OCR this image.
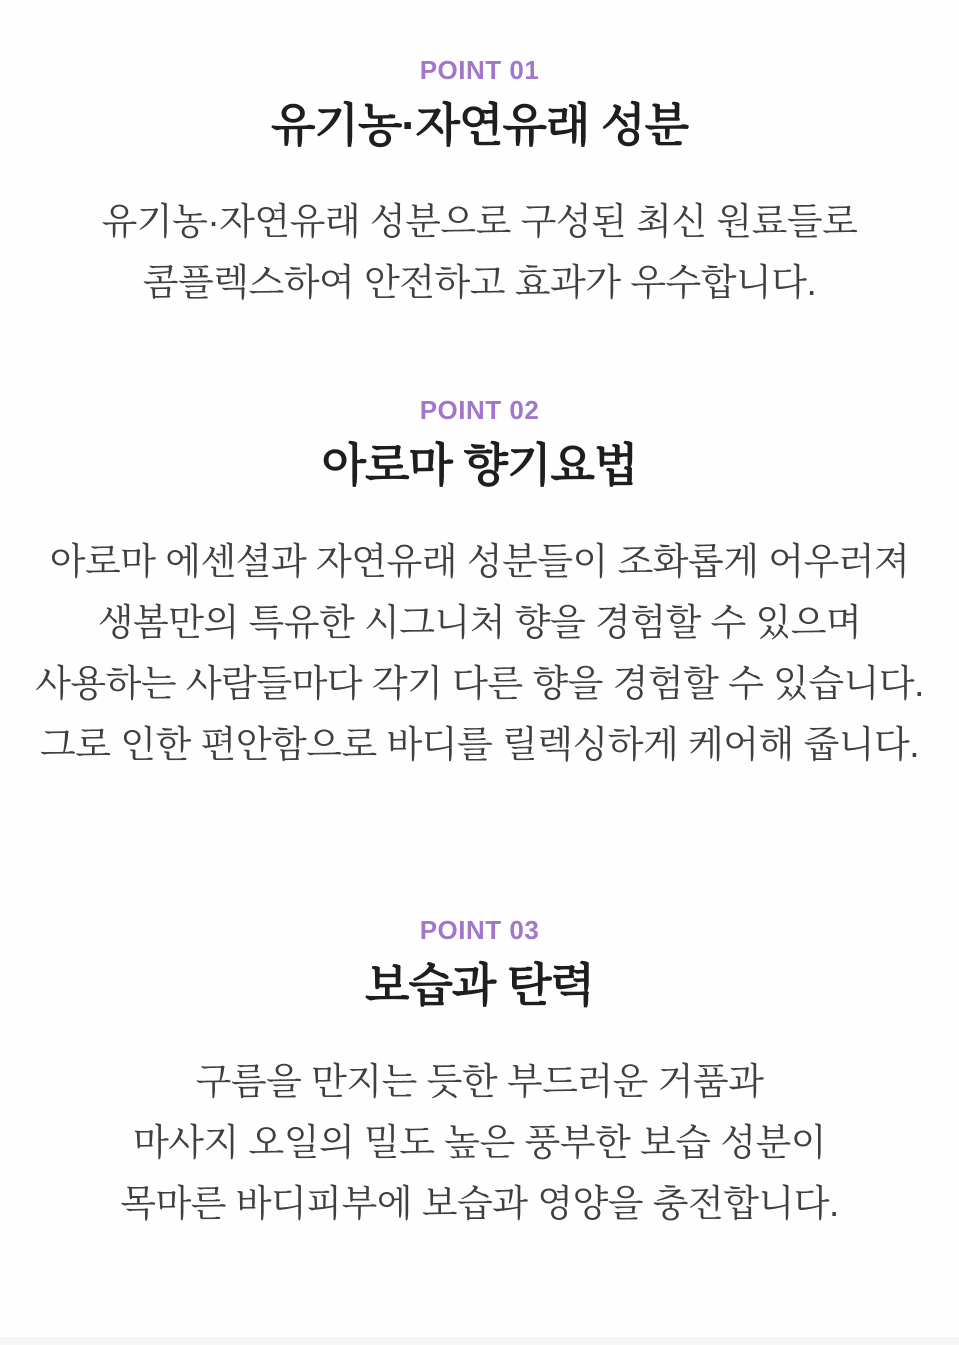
POINT 01
유기농·자연유래 성분
유기농·자연유래 성분으로 구성된 최신 원료들로
콤플렉스하여 안전하고 효과가 우수합니다.
POINT 02
아로마 향기요법
아로마 에센셜과 자연유래 성분들이 조화롭게 어우러져
생봄만의 특유한 시그니처 향을 경험할 수 있으며
사용하는 사람들마다 각기 다른 향을 경험할 수 있습니다.
그로 인한 편안함으로 바디를 릴렉싱하게 케어해 줍니다.
POINT 03
보습과 탄력
구름을 만지는 듯한 부드러운 거품과
마사지 오일의 밀도 높은 풍부한 보습 성분이
목마른 바디피부에 보습과 영양을 충전합니다.
